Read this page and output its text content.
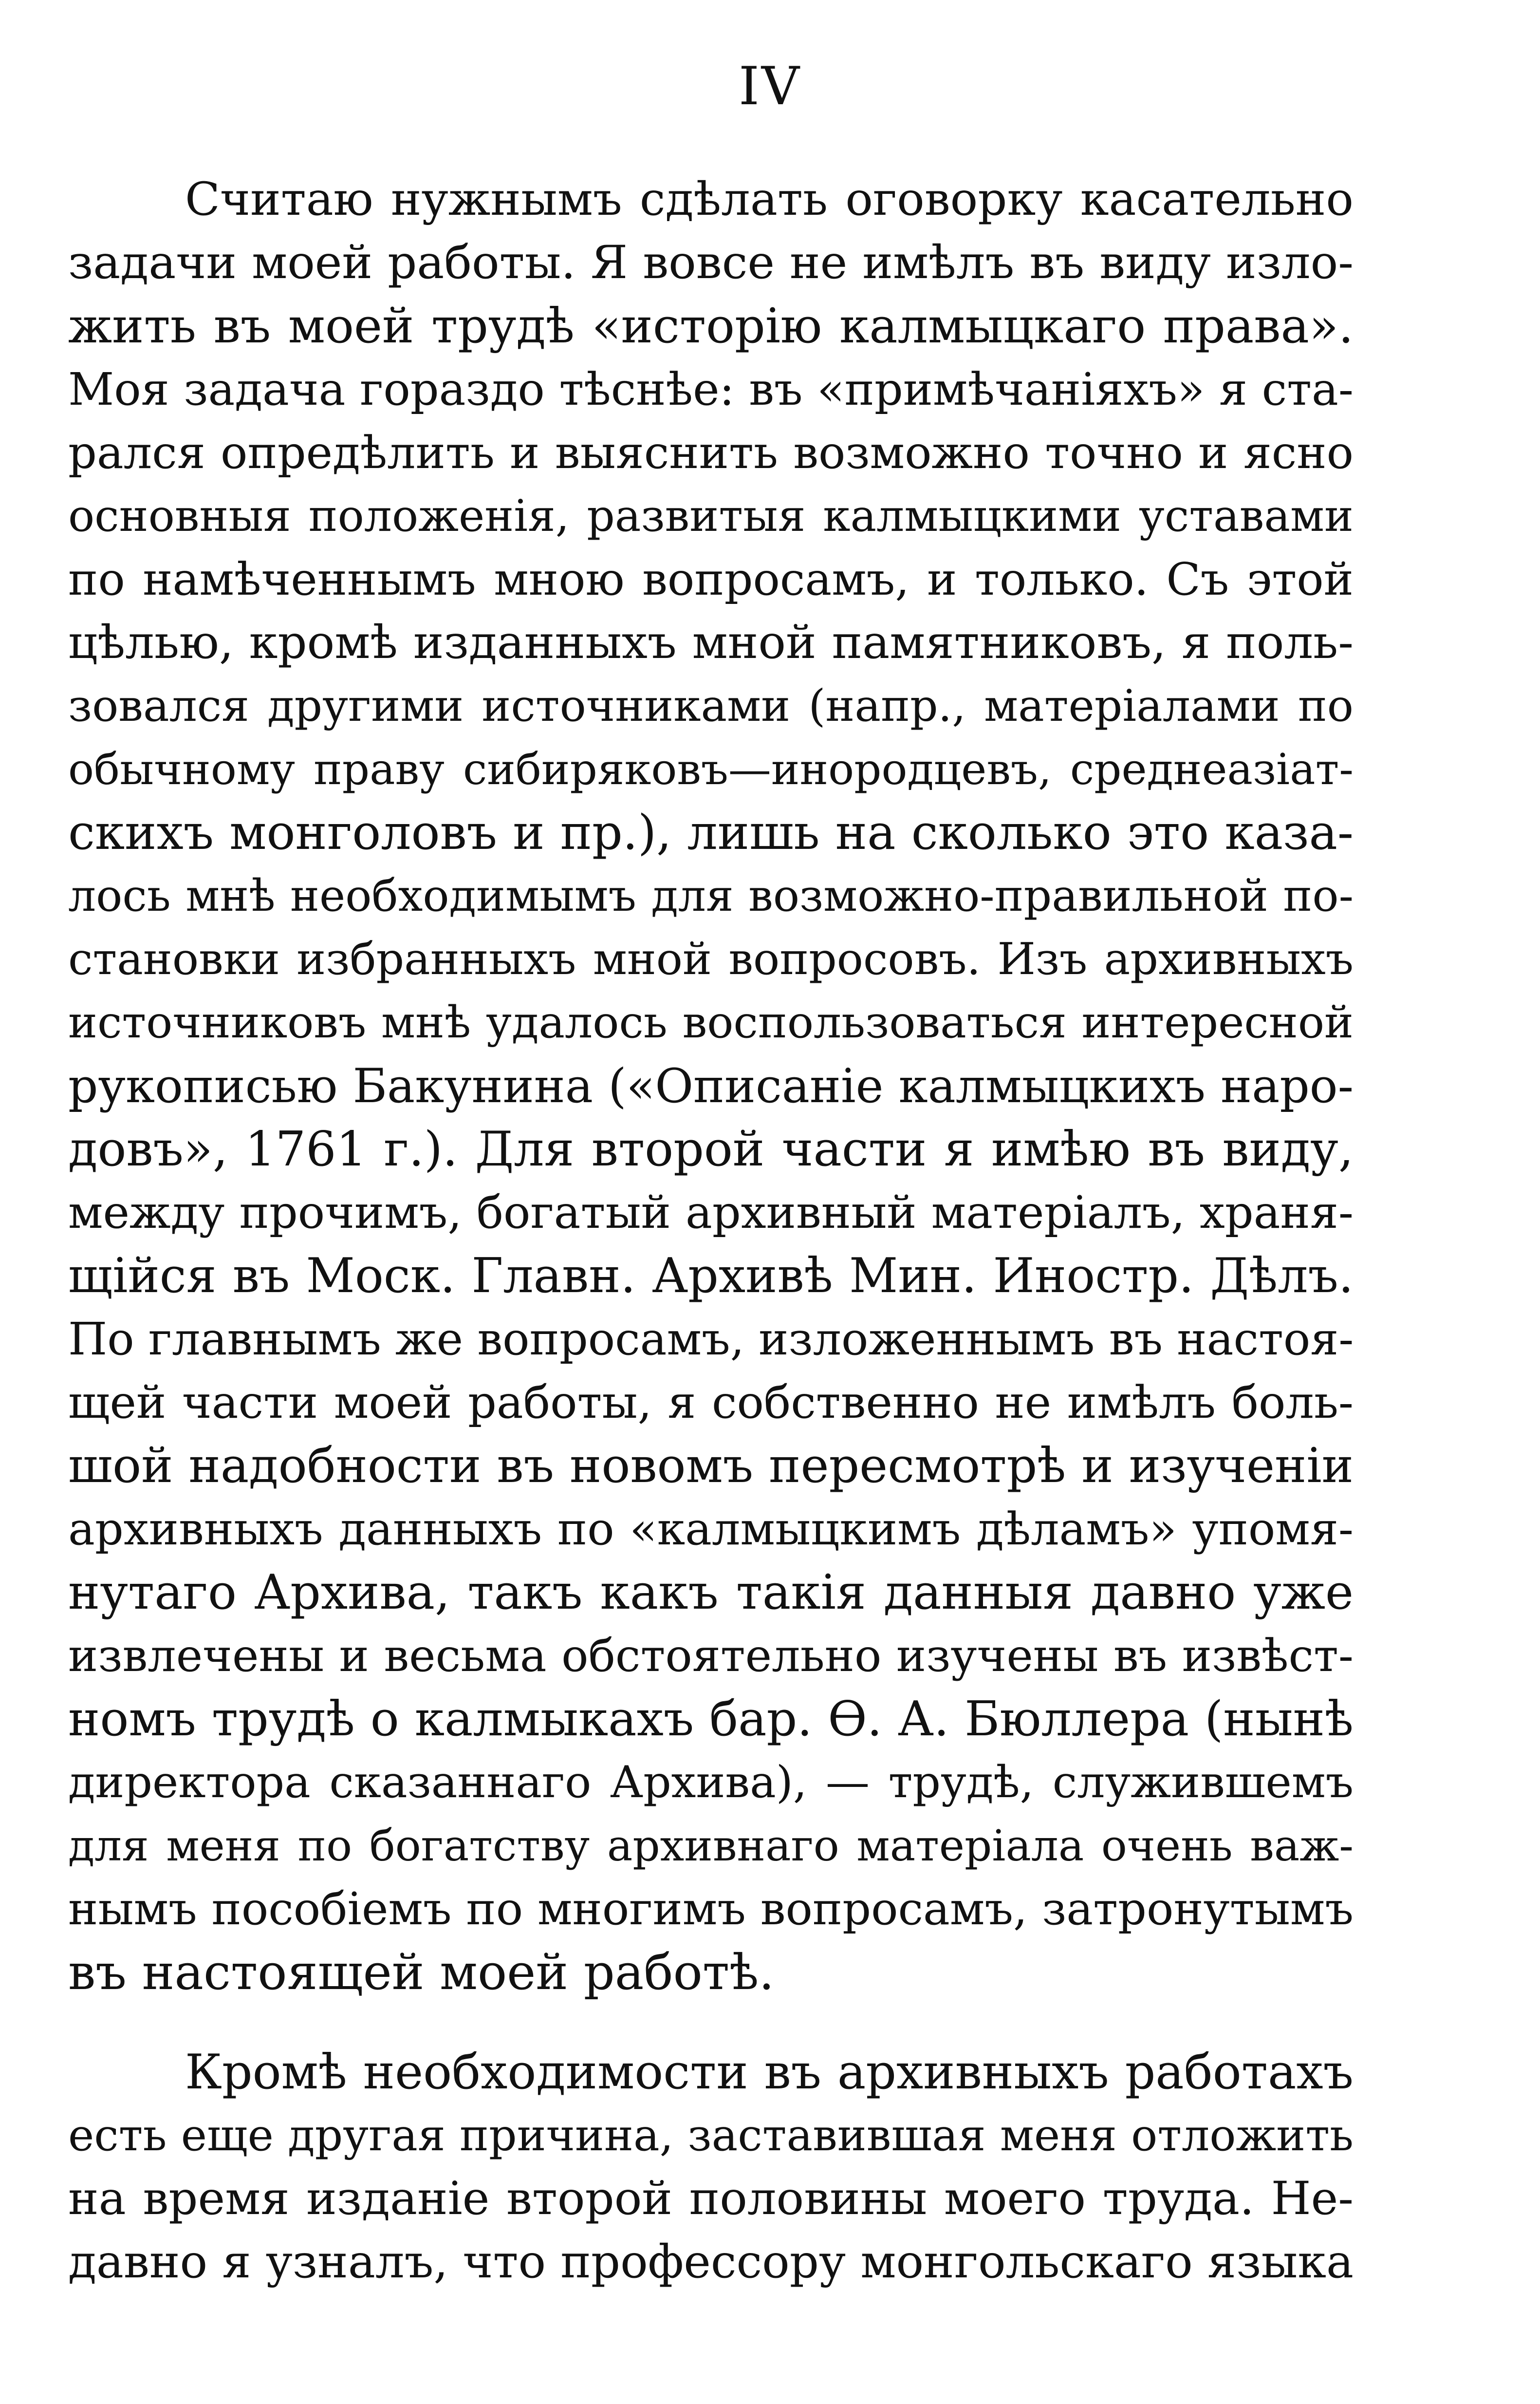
IV
Считаю нужнымъ сдѣлать оговорку касательно
задачи моей работы. Я вовсе не имѣлъ въ виду изло-
жить въ моей трудѣ «исторію калмыцкаго права».
Моя задача гораздо тѣснѣе: въ «примѣчаніяхъ» я ста-
рался опредѣлить и выяснить возможно точно и ясно
основныя положенія, развитыя калмыцкими уставами
по намѣченнымъ мною вопросамъ, и только. Съ этой
цѣлью, кромѣ изданныхъ мной памятниковъ, я поль-
зовался другими источниками (напр., матеріалами по
обычному праву сибиряковъ—инородцевъ, среднеазіат-
скихъ монголовъ и пр.), лишь на сколько это каза-
лось мнѣ необходимымъ для возможно-правильной по-
становки избранныхъ мной вопросовъ. Изъ архивныхъ
источниковъ мнѣ удалось воспользоваться интересной
рукописью Бакунина («Описаніе калмыцкихъ наро-
довъ», 1761 г.). Для второй части я имѣю въ виду,
между прочимъ, богатый архивный матеріалъ, храня-
щійся въ Моск. Главн. Архивѣ Мин. Иностр. Дѣлъ.
По главнымъ же вопросамъ, изложеннымъ въ настоя-
щей части моей работы, я собственно не имѣлъ боль-
шой надобности въ новомъ пересмотрѣ и изученіи
архивныхъ данныхъ по «калмыцкимъ дѣламъ» упомя-
нутаго Архива, такъ какъ такія данныя давно уже
извлечены и весьма обстоятельно изучены въ извѣст-
номъ трудѣ о калмыкахъ бар. Ѳ. А. Бюллера (нынѣ
директора сказаннаго Архива), — трудѣ, служившемъ
для меня по богатству архивнаго матеріала очень важ-
нымъ пособіемъ по многимъ вопросамъ, затронутымъ
въ настоящей моей работѣ.
Кромѣ необходимости въ архивныхъ работахъ
есть еще другая причина, заставившая меня отложить
на время изданіе второй половины моего труда. Не-
давно я узналъ, что профессору монгольскаго языка
